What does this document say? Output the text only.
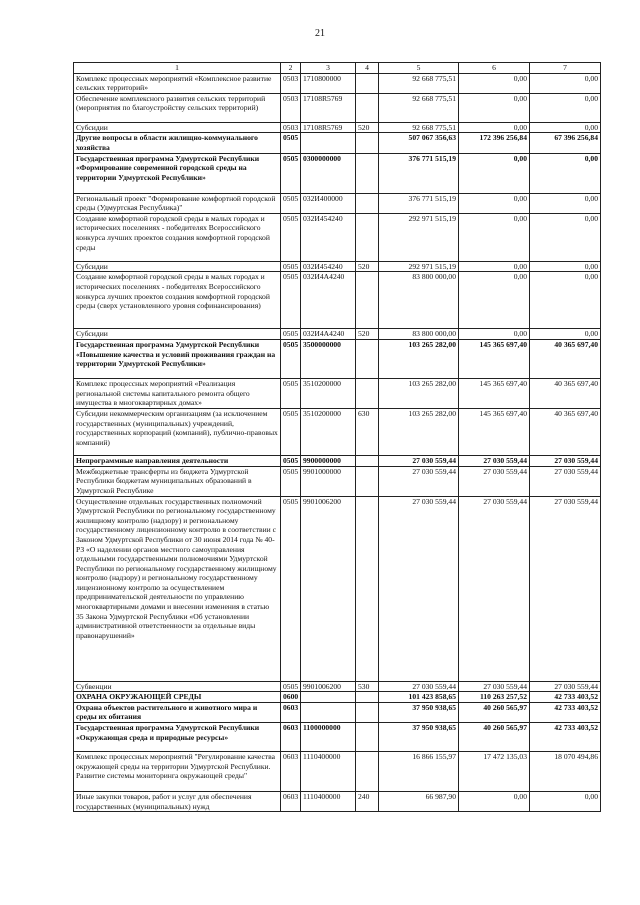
21
1	2	3	4	5	6	7
Комплекс процессных мероприятий «Комплексное развитие сельских территорий»	0503	1710800000		92 668 775,51	0,00	0,00
Обеспечение комплексного развития сельских территорий (мероприятия по благоустройству сельских территорий)	0503	17108R5769		92 668 775,51	0,00	0,00
Субсидии	0503	17108R5769	520	92 668 775,51	0,00	0,00
Другие вопросы в области жилищно-коммунального хозяйства	0505			507 067 356,63	172 396 256,84	67 396 256,84
Государственная программа Удмуртской Республики «Формирование современной городской среды на территории Удмуртской Республики»	0505	0300000000		376 771 515,19	0,00	0,00
Региональный проект "Формирование комфортной городской среды (Удмуртская Республика)"	0505	032И400000		376 771 515,19	0,00	0,00
Создание комфортной городской среды в малых городах и исторических поселениях - победителях Всероссийского конкурса лучших проектов создания комфортной городской среды	0505	032И454240		292 971 515,19	0,00	0,00
Субсидии	0505	032И454240	520	292 971 515,19	0,00	0,00
Создание комфортной городской среды в малых городах и исторических поселениях - победителях Всероссийского конкурса лучших проектов создания комфортной городской среды (сверх установленного уровня софинансирования)	0505	032И4А4240		83 800 000,00	0,00	0,00
Субсидии	0505	032И4А4240	520	83 800 000,00	0,00	0,00
Государственная программа Удмуртской Республики «Повышение качества и условий проживания граждан на территории Удмуртской Республики»	0505	3500000000		103 265 282,00	145 365 697,40	40 365 697,40
Комплекс процессных мероприятий «Реализация региональной системы капитального ремонта общего имущества в многоквартирных домах»	0505	3510200000		103 265 282,00	145 365 697,40	40 365 697,40
Субсидии некоммерческим организациям (за исключением государственных (муниципальных) учреждений, государственных корпораций (компаний), публично-правовых компаний)	0505	3510200000	630	103 265 282,00	145 365 697,40	40 365 697,40
Непрограммные направления деятельности	0505	9900000000		27 030 559,44	27 030 559,44	27 030 559,44
Межбюджетные трансферты из бюджета Удмуртской Республики бюджетам муниципальных образований в Удмуртской Республике	0505	9901000000		27 030 559,44	27 030 559,44	27 030 559,44
Осуществление отдельных государственных полномочий Удмуртской Республики по региональному государственному жилищному контролю (надзору) и региональному государственному лицензионному контролю в соответствии с Законом Удмуртской Республики от 30 июня 2014 года № 40-РЗ «О наделении органов местного самоуправления отдельными государственными полномочиями Удмуртской Республики по региональному государственному жилищному контролю (надзору) и региональному государственному лицензионному контролю за осуществлением предпринимательской деятельности по управлению многоквартирными домами и внесении изменения в статью 35 Закона Удмуртской Республики «Об установлении административной ответственности за отдельные виды правонарушений»	0505	9901006200		27 030 559,44	27 030 559,44	27 030 559,44
Субвенции	0505	9901006200	530	27 030 559,44	27 030 559,44	27 030 559,44
ОХРАНА ОКРУЖАЮЩЕЙ СРЕДЫ	0600			101 423 858,65	110 263 257,52	42 733 403,52
Охрана объектов растительного и животного мира и среды их обитания	0603			37 950 938,65	40 260 565,97	42 733 403,52
Государственная программа Удмуртской Республики «Окружающая среда и природные ресурсы»	0603	1100000000		37 950 938,65	40 260 565,97	42 733 403,52
Комплекс процессных мероприятий "Регулирование качества окружающей среды на территории Удмуртской Республики. Развитие системы мониторинга окружающей среды"	0603	1110400000		16 866 155,97	17 472 135,03	18 070 494,86
Иные закупки товаров, работ и услуг для обеспечения государственных (муниципальных) нужд	0603	1110400000	240	66 987,90	0,00	0,00
